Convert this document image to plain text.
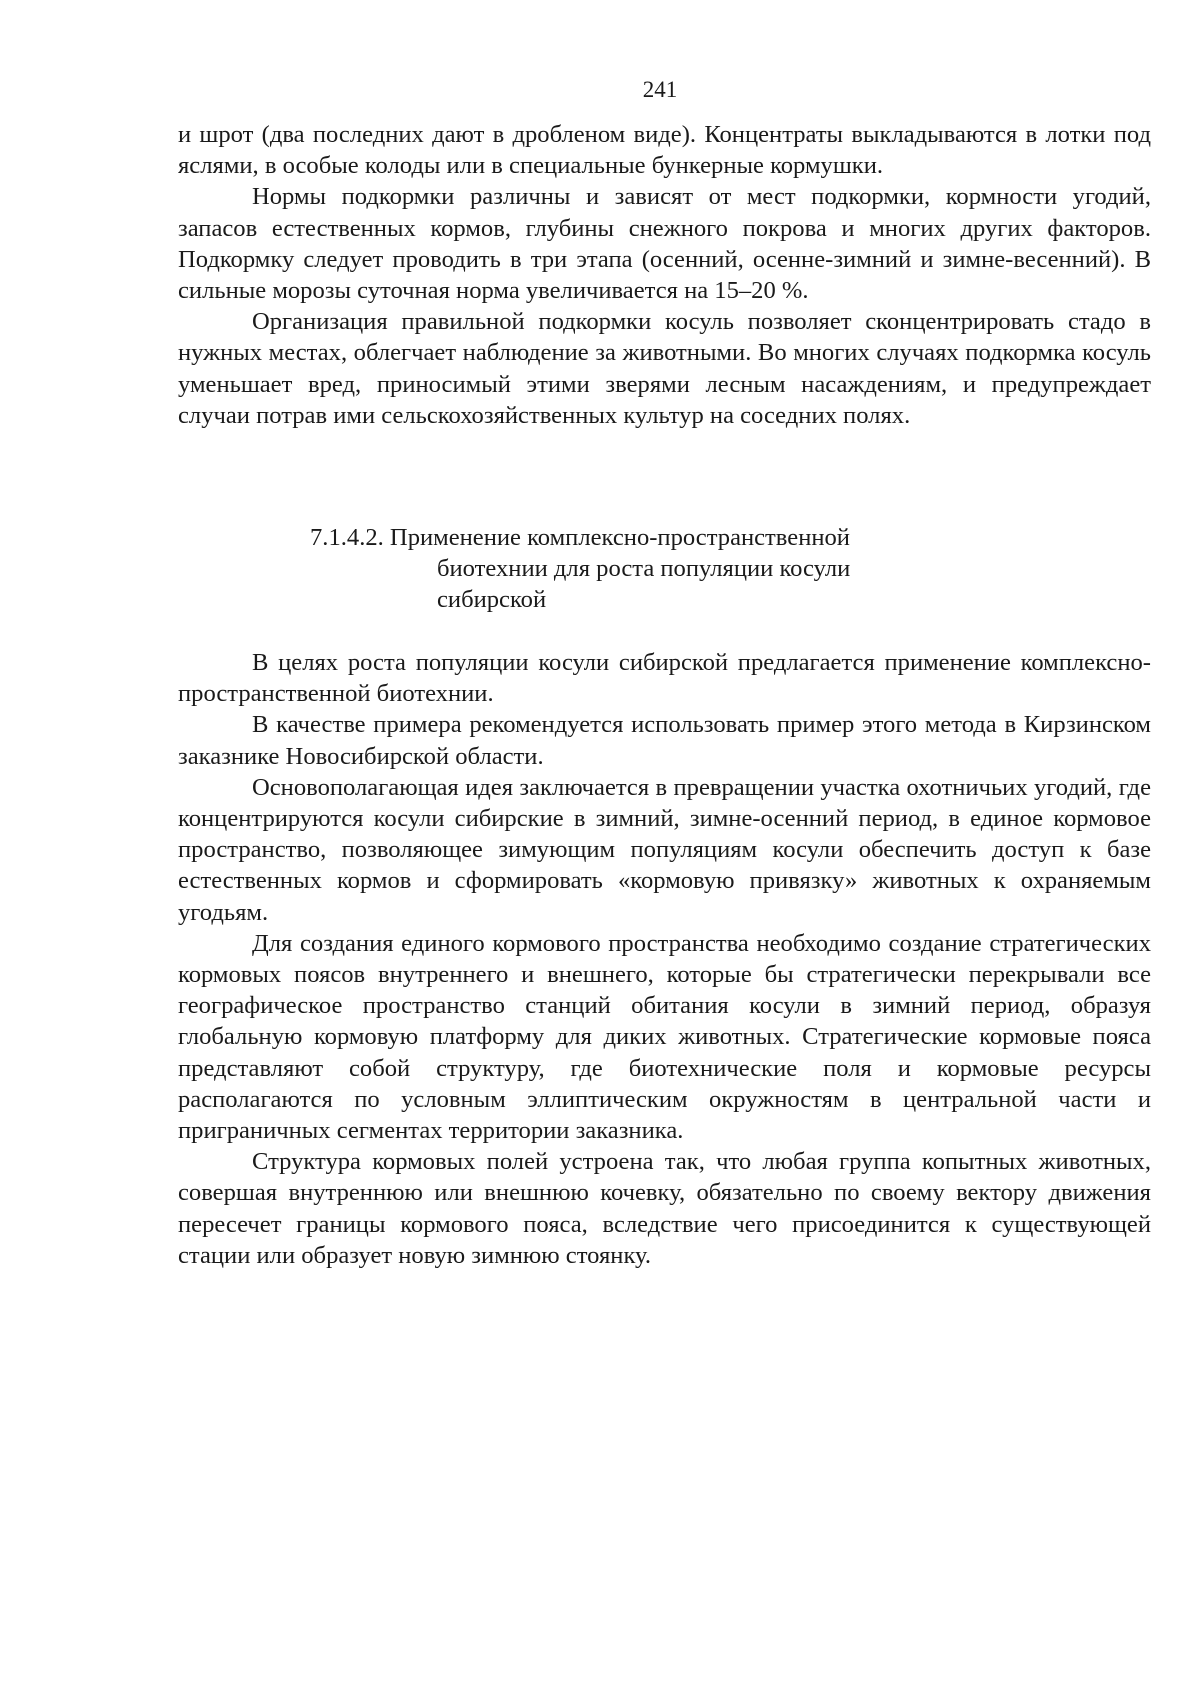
241

и шрот (два последних дают в дробленом виде). Концентраты выкладываются в лотки под яслями, в особые колоды или в специальные бункерные кормушки.

Нормы подкормки различны и зависят от мест подкормки, кормности угодий, запасов естественных кормов, глубины снежного покрова и многих других факторов. Подкормку следует проводить в три этапа (осенний, осенне-зимний и зимне-весенний). В сильные морозы суточная норма увеличивается на 15–20 %.

Организация правильной подкормки косуль позволяет сконцентрировать стадо в нужных местах, облегчает наблюдение за животными. Во многих случаях подкормка косуль уменьшает вред, приносимый этими зверями лесным насаждениям, и предупреждает случаи потрав ими сельскохозяйственных культур на соседних полях.

7.1.4.2. Применение комплексно-пространственной
биотехнии для роста популяции косули
сибирской

В целях роста популяции косули сибирской предлагается применение комплексно-пространственной биотехнии.

В качестве примера рекомендуется использовать пример этого метода в Кирзинском заказнике Новосибирской области.

Основополагающая идея заключается в превращении участка охотничьих угодий, где концентрируются косули сибирские в зимний, зимне-осенний период, в единое кормовое пространство, позволяющее зимующим популяциям косули обеспечить доступ к базе естественных кормов и сформировать «кормовую привязку» животных к охраняемым угодьям.

Для создания единого кормового пространства необходимо создание стратегических кормовых поясов внутреннего и внешнего, которые бы стратегически перекрывали все географическое пространство станций обитания косули в зимний период, образуя глобальную кормовую платформу для диких животных. Стратегические кормовые пояса представляют собой структуру, где биотехнические поля и кормовые ресурсы располагаются по условным эллиптическим окружностям в центральной части и приграничных сегментах территории заказника.

Структура кормовых полей устроена так, что любая группа копытных животных, совершая внутреннюю или внешнюю кочевку, обязательно по своему вектору движения пересечет границы кормового пояса, вследствие чего присоединится к существующей стации или образует новую зимнюю стоянку.
